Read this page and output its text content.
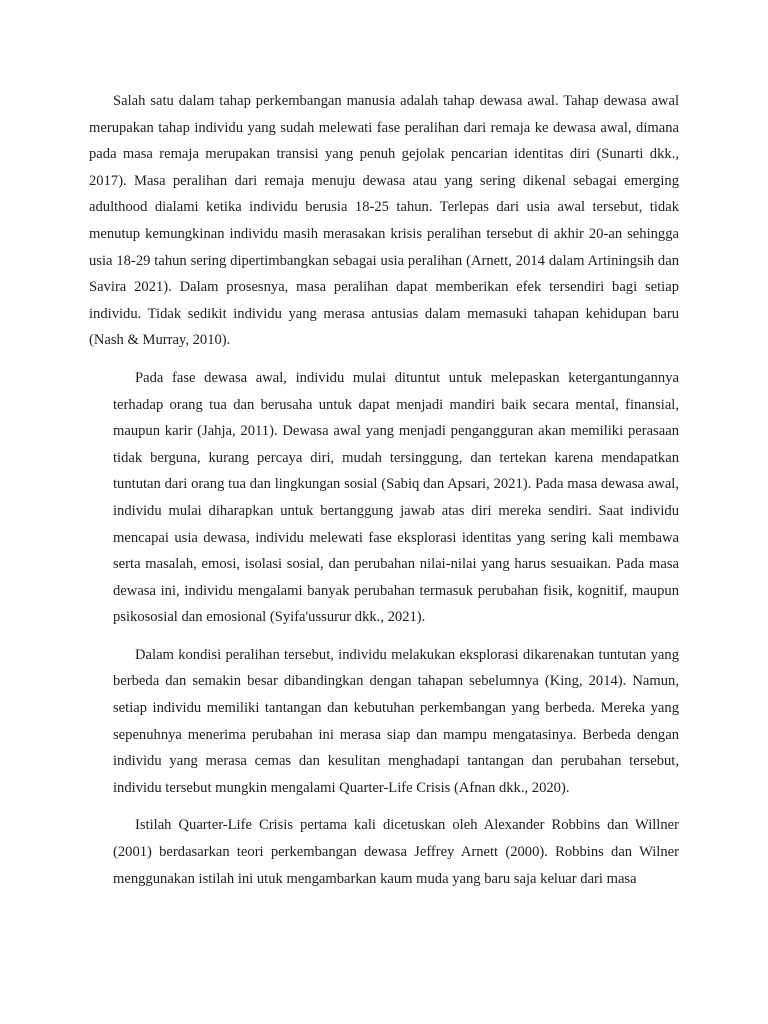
Salah satu dalam tahap perkembangan manusia adalah tahap dewasa awal. Tahap dewasa awal merupakan tahap individu yang sudah melewati fase peralihan dari remaja ke dewasa awal, dimana pada masa remaja merupakan transisi yang penuh gejolak pencarian identitas diri (Sunarti dkk., 2017). Masa peralihan dari remaja menuju dewasa atau yang sering dikenal sebagai emerging adulthood dialami ketika individu berusia 18-25 tahun. Terlepas dari usia awal tersebut, tidak menutup kemungkinan individu masih merasakan krisis peralihan tersebut di akhir 20-an sehingga usia 18-29 tahun sering dipertimbangkan sebagai usia peralihan (Arnett, 2014 dalam Artiningsih dan Savira 2021). Dalam prosesnya, masa peralihan dapat memberikan efek tersendiri bagi setiap individu. Tidak sedikit individu yang merasa antusias dalam memasuki tahapan kehidupan baru (Nash & Murray, 2010).

Pada fase dewasa awal, individu mulai dituntut untuk melepaskan ketergantungannya terhadap orang tua dan berusaha untuk dapat menjadi mandiri baik secara mental, finansial, maupun karir (Jahja, 2011). Dewasa awal yang menjadi pengangguran akan memiliki perasaan tidak berguna, kurang percaya diri, mudah tersinggung, dan tertekan karena mendapatkan tuntutan dari orang tua dan lingkungan sosial (Sabiq dan Apsari, 2021). Pada masa dewasa awal, individu mulai diharapkan untuk bertanggung jawab atas diri mereka sendiri. Saat individu mencapai usia dewasa, individu melewati fase eksplorasi identitas yang sering kali membawa serta masalah, emosi, isolasi sosial, dan perubahan nilai-nilai yang harus sesuaikan. Pada masa dewasa ini, individu mengalami banyak perubahan termasuk perubahan fisik, kognitif, maupun psikososial dan emosional (Syifa'ussurur dkk., 2021).

Dalam kondisi peralihan tersebut, individu melakukan eksplorasi dikarenakan tuntutan yang berbeda dan semakin besar dibandingkan dengan tahapan sebelumnya (King, 2014). Namun, setiap individu memiliki tantangan dan kebutuhan perkembangan yang berbeda. Mereka yang sepenuhnya menerima perubahan ini merasa siap dan mampu mengatasinya. Berbeda dengan individu yang merasa cemas dan kesulitan menghadapi tantangan dan perubahan tersebut, individu tersebut mungkin mengalami Quarter-Life Crisis (Afnan dkk., 2020).

Istilah Quarter-Life Crisis pertama kali dicetuskan oleh Alexander Robbins dan Willner (2001) berdasarkan teori perkembangan dewasa Jeffrey Arnett (2000). Robbins dan Wilner menggunakan istilah ini utuk mengambarkan kaum muda yang baru saja keluar dari masa
